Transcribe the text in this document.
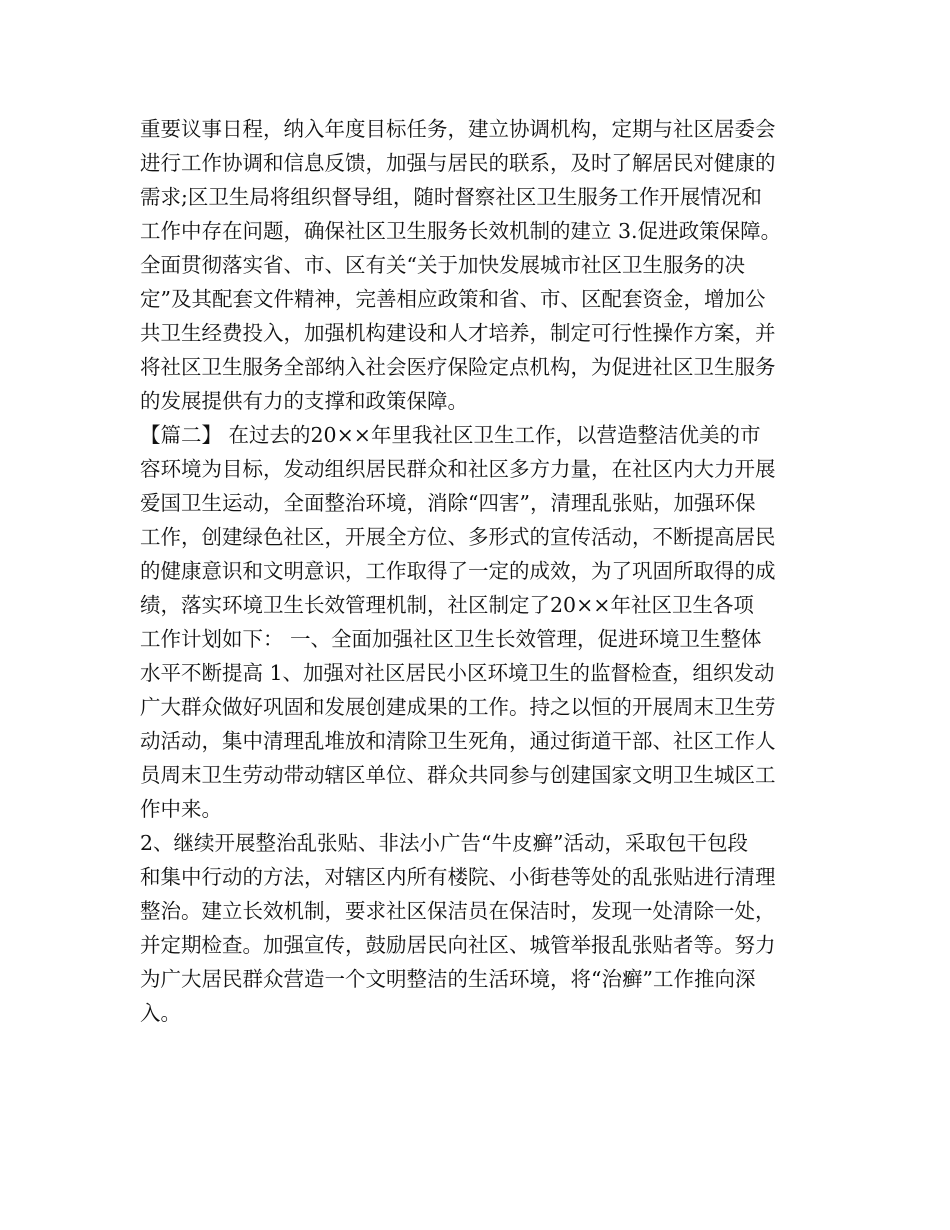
重要议事日程，纳入年度目标任务，建立协调机构，定期与社区居委会
进行工作协调和信息反馈，加强与居民的联系，及时了解居民对健康的
需求;区卫生局将组织督导组，随时督察社区卫生服务工作开展情况和
工作中存在问题，确保社区卫生服务长效机制的建立 3.促进政策保障。
全面贯彻落实省、市、区有关“关于加快发展城市社区卫生服务的决
定”及其配套文件精神，完善相应政策和省、市、区配套资金，增加公
共卫生经费投入，加强机构建设和人才培养，制定可行性操作方案，并
将社区卫生服务全部纳入社会医疗保险定点机构，为促进社区卫生服务
的发展提供有力的支撑和政策保障。
【篇二】 在过去的20××年里我社区卫生工作，以营造整洁优美的市
容环境为目标，发动组织居民群众和社区多方力量，在社区内大力开展
爱国卫生运动，全面整治环境，消除“四害”，清理乱张贴，加强环保
工作，创建绿色社区，开展全方位、多形式的宣传活动，不断提高居民
的健康意识和文明意识，工作取得了一定的成效，为了巩固所取得的成
绩，落实环境卫生长效管理机制，社区制定了20××年社区卫生各项
工作计划如下： 一、全面加强社区卫生长效管理，促进环境卫生整体
水平不断提高 1、加强对社区居民小区环境卫生的监督检查，组织发动
广大群众做好巩固和发展创建成果的工作。持之以恒的开展周末卫生劳
动活动，集中清理乱堆放和清除卫生死角，通过街道干部、社区工作人
员周末卫生劳动带动辖区单位、群众共同参与创建国家文明卫生城区工
作中来。
2、继续开展整治乱张贴、非法小广告“牛皮癣”活动，采取包干包段
和集中行动的方法，对辖区内所有楼院、小街巷等处的乱张贴进行清理
整治。建立长效机制，要求社区保洁员在保洁时，发现一处清除一处，
并定期检查。加强宣传，鼓励居民向社区、城管举报乱张贴者等。努力
为广大居民群众营造一个文明整洁的生活环境，将“治癣”工作推向深
入。
